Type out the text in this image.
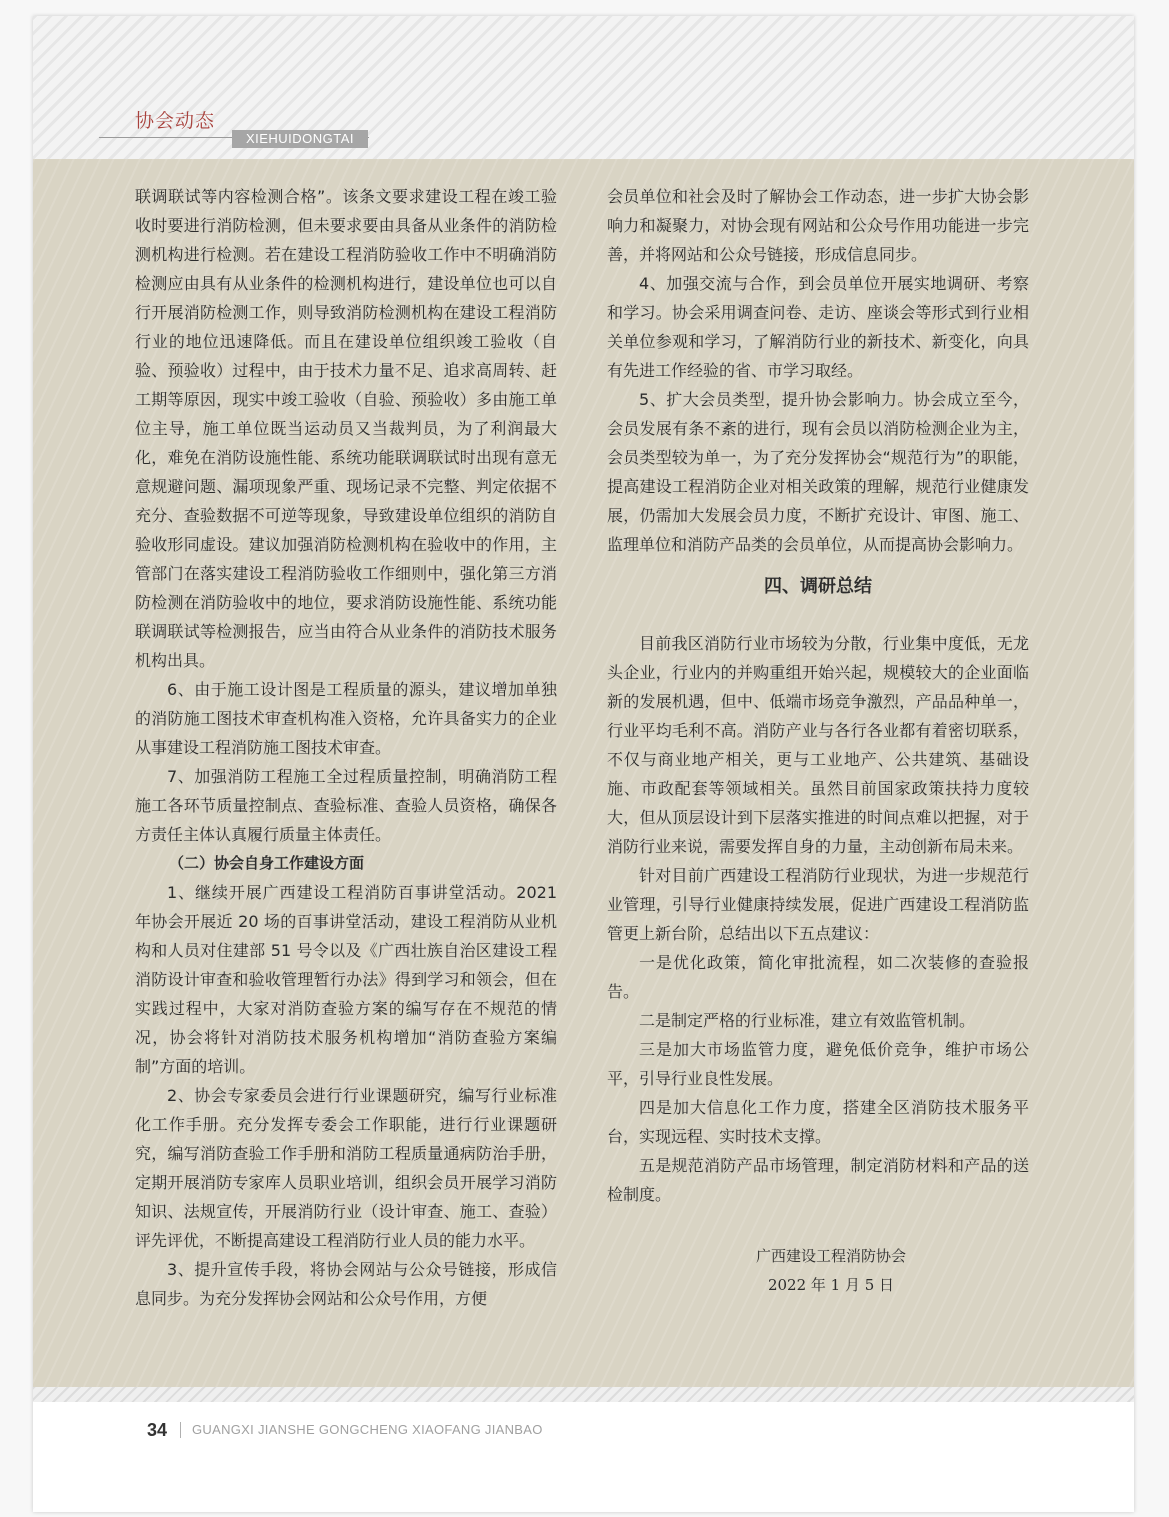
协会动态
XIEHUIDONGTAI

联调联试等内容检测合格”。该条文要求建设工程在竣工验收时要进行消防检测，但未要求要由具备从业条件的消防检测机构进行检测。若在建设工程消防验收工作中不明确消防检测应由具有从业条件的检测机构进行，建设单位也可以自行开展消防检测工作，则导致消防检测机构在建设工程消防行业的地位迅速降低。而且在建设单位组织竣工验收（自验、预验收）过程中，由于技术力量不足、追求高周转、赶工期等原因，现实中竣工验收（自验、预验收）多由施工单位主导，施工单位既当运动员又当裁判员，为了利润最大化，难免在消防设施性能、系统功能联调联试时出现有意无意规避问题、漏项现象严重、现场记录不完整、判定依据不充分、查验数据不可逆等现象，导致建设单位组织的消防自验收形同虚设。建议加强消防检测机构在验收中的作用，主管部门在落实建设工程消防验收工作细则中，强化第三方消防检测在消防验收中的地位，要求消防设施性能、系统功能联调联试等检测报告，应当由符合从业条件的消防技术服务机构出具。

6、由于施工设计图是工程质量的源头，建议增加单独的消防施工图技术审查机构准入资格，允许具备实力的企业从事建设工程消防施工图技术审查。

7、加强消防工程施工全过程质量控制，明确消防工程施工各环节质量控制点、查验标准、查验人员资格，确保各方责任主体认真履行质量主体责任。

（二）协会自身工作建设方面

1、继续开展广西建设工程消防百事讲堂活动。2021 年协会开展近 20 场的百事讲堂活动，建设工程消防从业机构和人员对住建部 51 号令以及《广西壮族自治区建设工程消防设计审查和验收管理暂行办法》得到学习和领会，但在实践过程中，大家对消防查验方案的编写存在不规范的情况，协会将针对消防技术服务机构增加“消防查验方案编制”方面的培训。

2、协会专家委员会进行行业课题研究，编写行业标准化工作手册。充分发挥专委会工作职能，进行行业课题研究，编写消防查验工作手册和消防工程质量通病防治手册，定期开展消防专家库人员职业培训，组织会员开展学习消防知识、法规宣传，开展消防行业（设计审查、施工、查验）评先评优，不断提高建设工程消防行业人员的能力水平。

3、提升宣传手段，将协会网站与公众号链接，形成信息同步。为充分发挥协会网站和公众号作用，方便

会员单位和社会及时了解协会工作动态，进一步扩大协会影响力和凝聚力，对协会现有网站和公众号作用功能进一步完善，并将网站和公众号链接，形成信息同步。

4、加强交流与合作，到会员单位开展实地调研、考察和学习。协会采用调查问卷、走访、座谈会等形式到行业相关单位参观和学习，了解消防行业的新技术、新变化，向具有先进工作经验的省、市学习取经。

5、扩大会员类型，提升协会影响力。协会成立至今，会员发展有条不紊的进行，现有会员以消防检测企业为主，会员类型较为单一，为了充分发挥协会“规范行为”的职能，提高建设工程消防企业对相关政策的理解，规范行业健康发展，仍需加大发展会员力度，不断扩充设计、审图、施工、监理单位和消防产品类的会员单位，从而提高协会影响力。

四、调研总结

目前我区消防行业市场较为分散，行业集中度低，无龙头企业，行业内的并购重组开始兴起，规模较大的企业面临新的发展机遇，但中、低端市场竞争激烈，产品品种单一，行业平均毛利不高。消防产业与各行各业都有着密切联系，不仅与商业地产相关，更与工业地产、公共建筑、基础设施、市政配套等领域相关。虽然目前国家政策扶持力度较大，但从顶层设计到下层落实推进的时间点难以把握，对于消防行业来说，需要发挥自身的力量，主动创新布局未来。

针对目前广西建设工程消防行业现状，为进一步规范行业管理，引导行业健康持续发展，促进广西建设工程消防监管更上新台阶，总结出以下五点建议：

一是优化政策，简化审批流程，如二次装修的查验报告。

二是制定严格的行业标准，建立有效监管机制。

三是加大市场监管力度，避免低价竞争，维护市场公平，引导行业良性发展。

四是加大信息化工作力度，搭建全区消防技术服务平台，实现远程、实时技术支撑。

五是规范消防产品市场管理，制定消防材料和产品的送检制度。

广西建设工程消防协会
2022 年 1 月 5 日
34 GUANGXI JIANSHE GONGCHENG XIAOFANG JIANBAO
